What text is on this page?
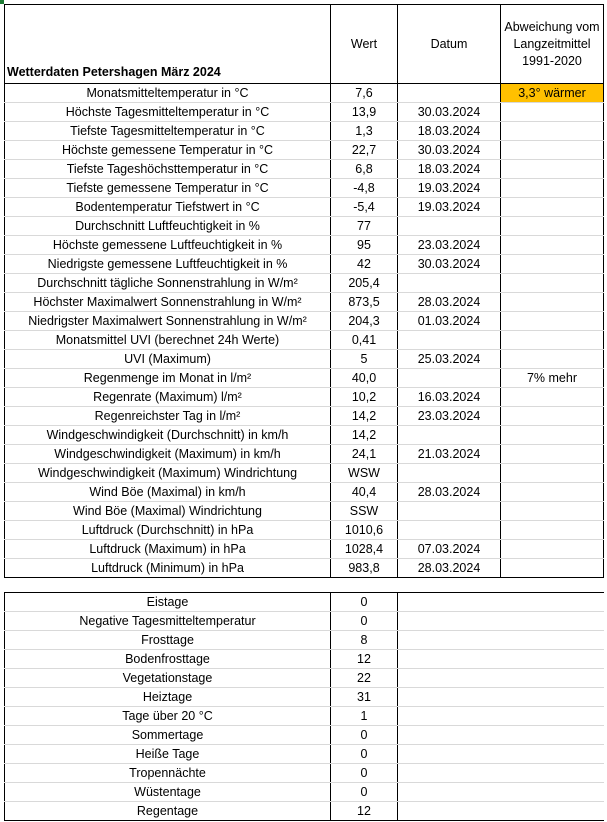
Wetterdaten Petershagen März 2024	Wert	Datum	Abweichung vom Langzeitmittel 1991-2020
Monatsmitteltemperatur in °C	7,6		3,3° wärmer
Höchste Tagesmitteltemperatur in °C	13,9	30.03.2024	
Tiefste Tagesmitteltemperatur in °C	1,3	18.03.2024	
Höchste gemessene Temperatur in °C	22,7	30.03.2024	
Tiefste Tageshöchsttemperatur in °C	6,8	18.03.2024	
Tiefste gemessene Temperatur in °C	-4,8	19.03.2024	
Bodentemperatur Tiefstwert in °C	-5,4	19.03.2024	
Durchschnitt Luftfeuchtigkeit in %	77		
Höchste gemessene Luftfeuchtigkeit in %	95	23.03.2024	
Niedrigste gemessene Luftfeuchtigkeit in %	42	30.03.2024	
Durchschnitt tägliche Sonnenstrahlung in W/m²	205,4		
Höchster Maximalwert Sonnenstrahlung in W/m²	873,5	28.03.2024	
Niedrigster Maximalwert Sonnenstrahlung in W/m²	204,3	01.03.2024	
Monatsmittel UVI (berechnet 24h Werte)	0,41		
UVI (Maximum)	5	25.03.2024	
Regenmenge im Monat in l/m²	40,0		7% mehr
Regenrate (Maximum) l/m²	10,2	16.03.2024	
Regenreichster Tag in l/m²	14,2	23.03.2024	
Windgeschwindigkeit (Durchschnitt) in km/h	14,2		
Windgeschwindigkeit (Maximum) in km/h	24,1	21.03.2024	
Windgeschwindigkeit (Maximum) Windrichtung	WSW		
Wind Böe (Maximal) in km/h	40,4	28.03.2024	
Wind Böe (Maximal) Windrichtung	SSW		
Luftdruck (Durchschnitt) in hPa	1010,6		
Luftdruck (Maximum) in hPa	1028,4	07.03.2024	
Luftdruck (Minimum) in hPa	983,8	28.03.2024	
Eistage	0		
Negative Tagesmitteltemperatur	0		
Frosttage	8		
Bodenfrosttage	12		
Vegetationstage	22		
Heiztage	31		
Tage über 20 °C	1		
Sommertage	0		
Heiße Tage	0		
Tropennächte	0		
Wüstentage	0		
Regentage	12		
